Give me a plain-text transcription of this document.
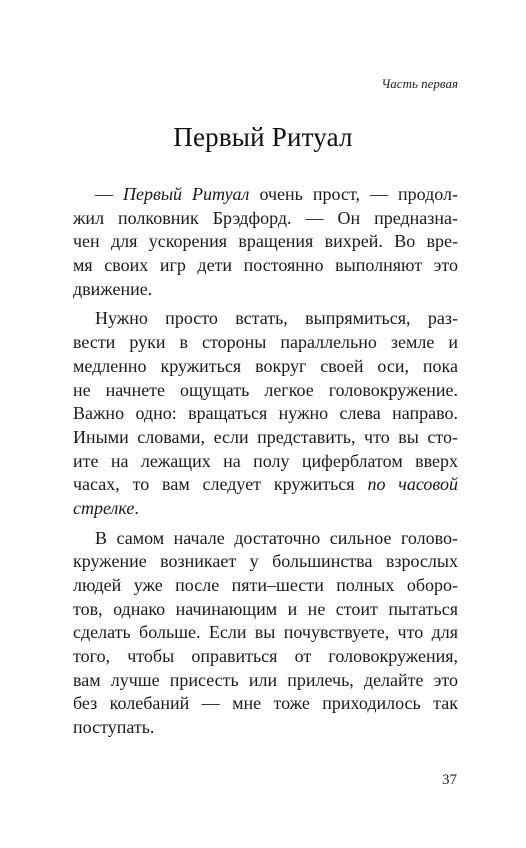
Часть первая
Первый Ритуал
— Первый Ритуал очень прост, — продол-
жил полковник Брэдфорд. — Он предназна-
чен для ускорения вращения вихрей. Во вре-
мя своих игр дети постоянно выполняют это
движение.
Нужно просто встать, выпрямиться, раз-
вести руки в стороны параллельно земле и
медленно кружиться вокруг своей оси, пока
не начнете ощущать легкое головокружение.
Важно одно: вращаться нужно слева направо.
Иными словами, если представить, что вы сто-
ите на лежащих на полу циферблатом вверх
часах, то вам следует кружиться по часовой
стрелке.
В самом начале достаточно сильное голово-
кружение возникает у большинства взрослых
людей уже после пяти–шести полных оборо-
тов, однако начинающим и не стоит пытаться
сделать больше. Если вы почувствуете, что для
того, чтобы оправиться от головокружения,
вам лучше присесть или прилечь, делайте это
без колебаний — мне тоже приходилось так
поступать.
37
